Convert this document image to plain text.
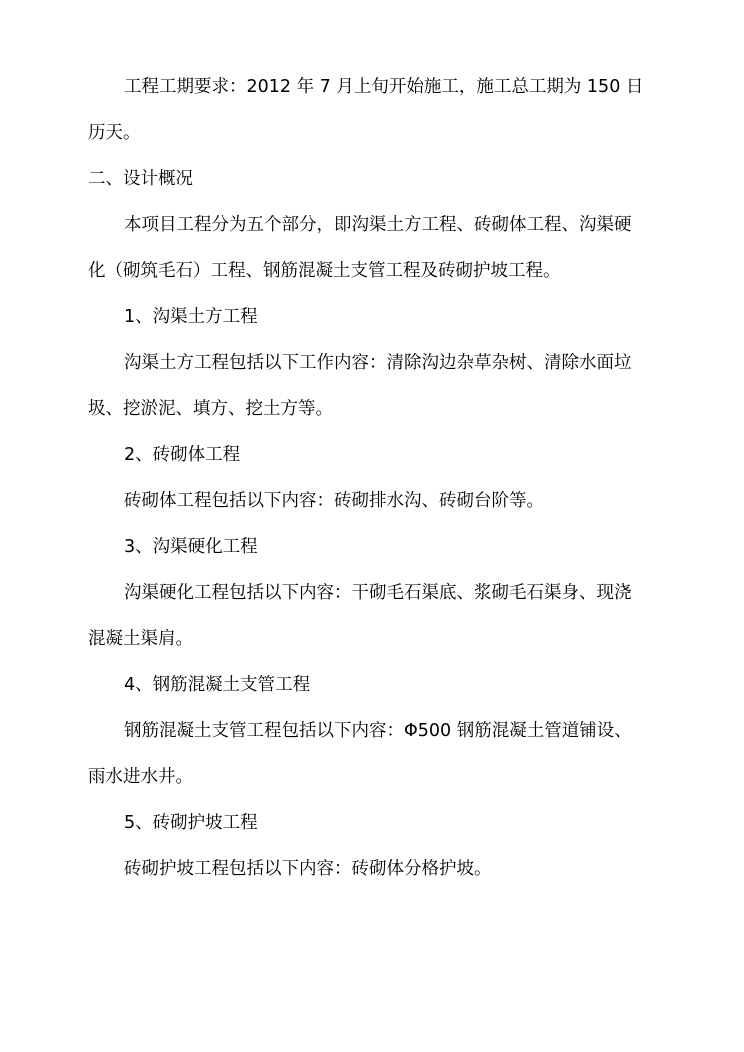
工程工期要求：2012 年 7 月上旬开始施工，施工总工期为 150 日
历天。
二、设计概况
本项目工程分为五个部分，即沟渠土方工程、砖砌体工程、沟渠硬
化（砌筑毛石）工程、钢筋混凝土支管工程及砖砌护坡工程。
1、沟渠土方工程
沟渠土方工程包括以下工作内容：清除沟边杂草杂树、清除水面垃
圾、挖淤泥、填方、挖土方等。
2、砖砌体工程
砖砌体工程包括以下内容：砖砌排水沟、砖砌台阶等。
3、沟渠硬化工程
沟渠硬化工程包括以下内容：干砌毛石渠底、浆砌毛石渠身、现浇
混凝土渠肩。
4、钢筋混凝土支管工程
钢筋混凝土支管工程包括以下内容：Φ500 钢筋混凝土管道铺设、
雨水进水井。
5、砖砌护坡工程
砖砌护坡工程包括以下内容：砖砌体分格护坡。
